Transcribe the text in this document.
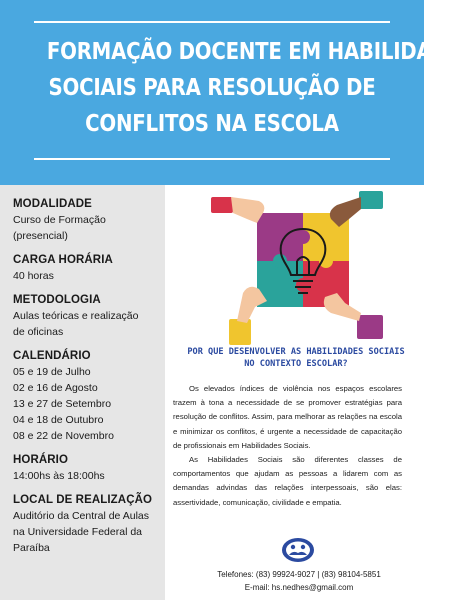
FORMAÇÃO DOCENTE EM HABILIDADES
SOCIAIS PARA RESOLUÇÃO DE
CONFLITOS NA ESCOLA
MODALIDADE

Curso de Formação

(presencial)

CARGA HORÁRIA

40 horas

METODOLOGIA

Aulas teóricas e realização

de oficinas

CALENDÁRIO

05 e 19 de Julho

02 e 16 de Agosto

13 e 27 de Setembro

04 e 18 de Outubro

08 e 22 de Novembro

HORÁRIO

14:00hs às 18:00hs

LOCAL DE REALIZAÇÃO

Auditório da Central de Aulas

na Universidade Federal da

Paraíba

POR QUE DESENVOLVER AS HABILIDADES SOCIAIS NO CONTEXTO ESCOLAR?

Os elevados índices de violência nos espaços escolares trazem à tona a necessidade de se promover estratégias para resolução de conflitos. Assim, para melhorar as relações na escola e minimizar os conflitos, é urgente a necessidade de capacitação de profissionais em Habilidades Sociais.

As Habilidades Sociais são diferentes classes de comportamentos que ajudam as pessoas a lidarem com as demandas advindas das relações interpessoais, são elas: assertividade, comunicação, civilidade e empatia.

Telefones: (83) 99924-9027 | (83) 98104-5851
E-mail: hs.nedhes@gmail.com
